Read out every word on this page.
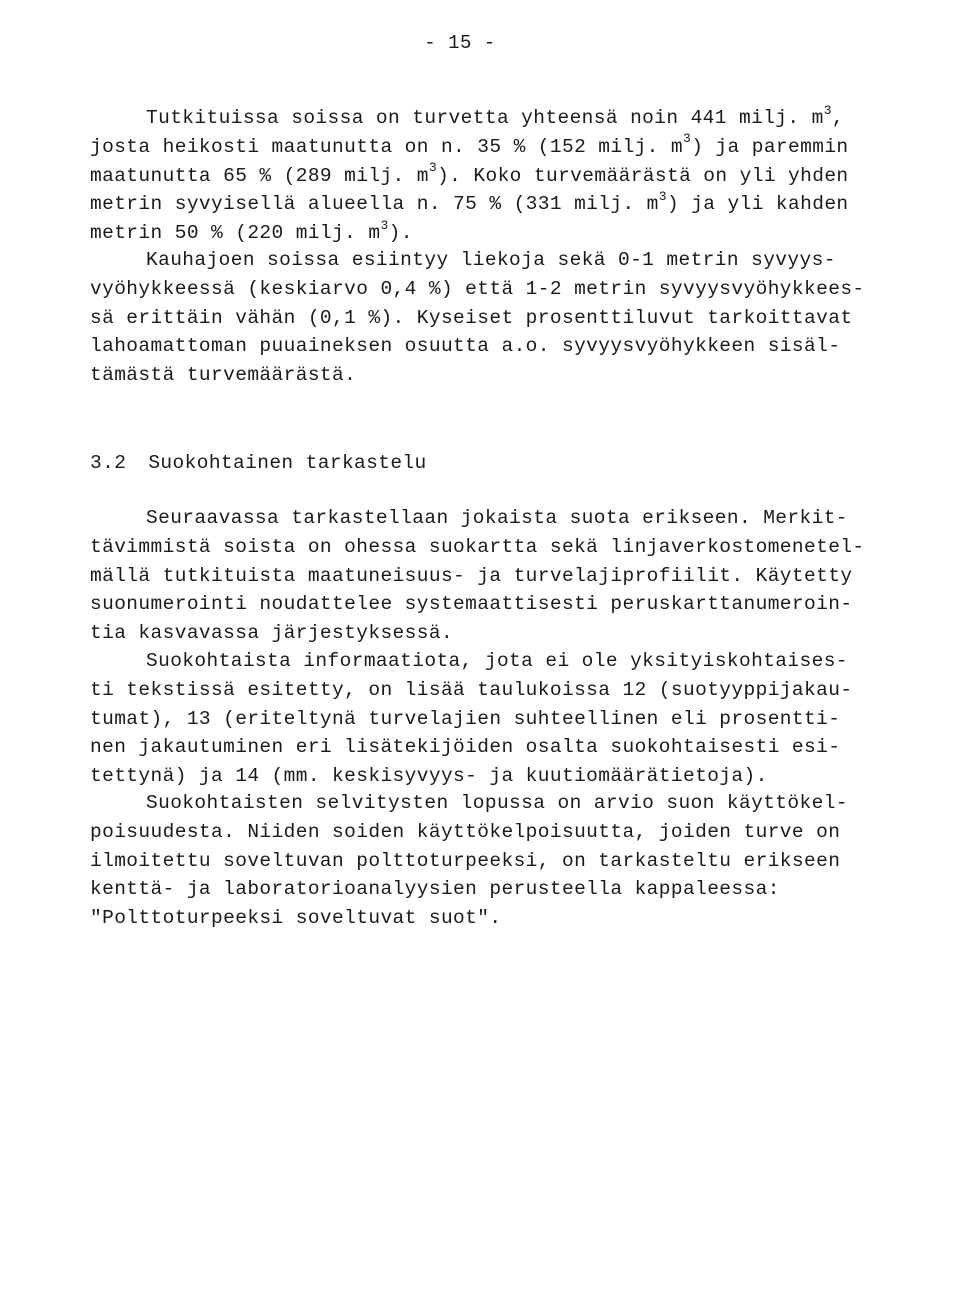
- 15 -
Tutkituissa soissa on turvetta yhteensä noin 441 milj. $m^3$,
josta heikosti maatunutta on n. 35 % (152 milj. $m^3$) ja paremmin
maatunutta 65 % (289 milj. $m^3$). Koko turvemäärästä on yli yhden
metrin syvyisellä alueella n. 75 % (331 milj. $m^3$) ja yli kahden
metrin 50 % (220 milj. $m^3$).
Kauhajoen soissa esiintyy liekoja sekä 0-1 metrin syvyys-
vyöhykkeessä (keskiarvo 0,4 %) että 1-2 metrin syvyysvyöhykkees-
sä erittäin vähän (0,1 %). Kyseiset prosenttiluvut tarkoittavat
lahoamattoman puuaineksen osuutta a.o. syvyysvyöhykkeen sisäl-
tämästä turvemäärästä.
3.2 Suokohtainen tarkastelu
Seuraavassa tarkastellaan jokaista suota erikseen. Merkit-
tävimmistä soista on ohessa suokartta sekä linjaverkostomenetel-
mällä tutkituista maatuneisuus- ja turvelajiprofiilit. Käytetty
suonumerointi noudattelee systemaattisesti peruskarttanumeroin-
tia kasvavassa järjestyksessä.
Suokohtaista informaatiota, jota ei ole yksityiskohtaises-
ti tekstissä esitetty, on lisää taulukoissa 12 (suotyyppijakau-
tumat), 13 (eriteltynä turvelajien suhteellinen eli prosentti-
nen jakautuminen eri lisätekijöiden osalta suokohtaisesti esi-
tettynä) ja 14 (mm. keskisyvyys- ja kuutiomäärätietoja).
Suokohtaisten selvitysten lopussa on arvio suon käyttökel-
poisuudesta. Niiden soiden käyttökelpoisuutta, joiden turve on
ilmoitettu soveltuvan polttoturpeeksi, on tarkasteltu erikseen
kenttä- ja laboratorioanalyysien perusteella kappaleessa:
"Polttoturpeeksi soveltuvat suot".
